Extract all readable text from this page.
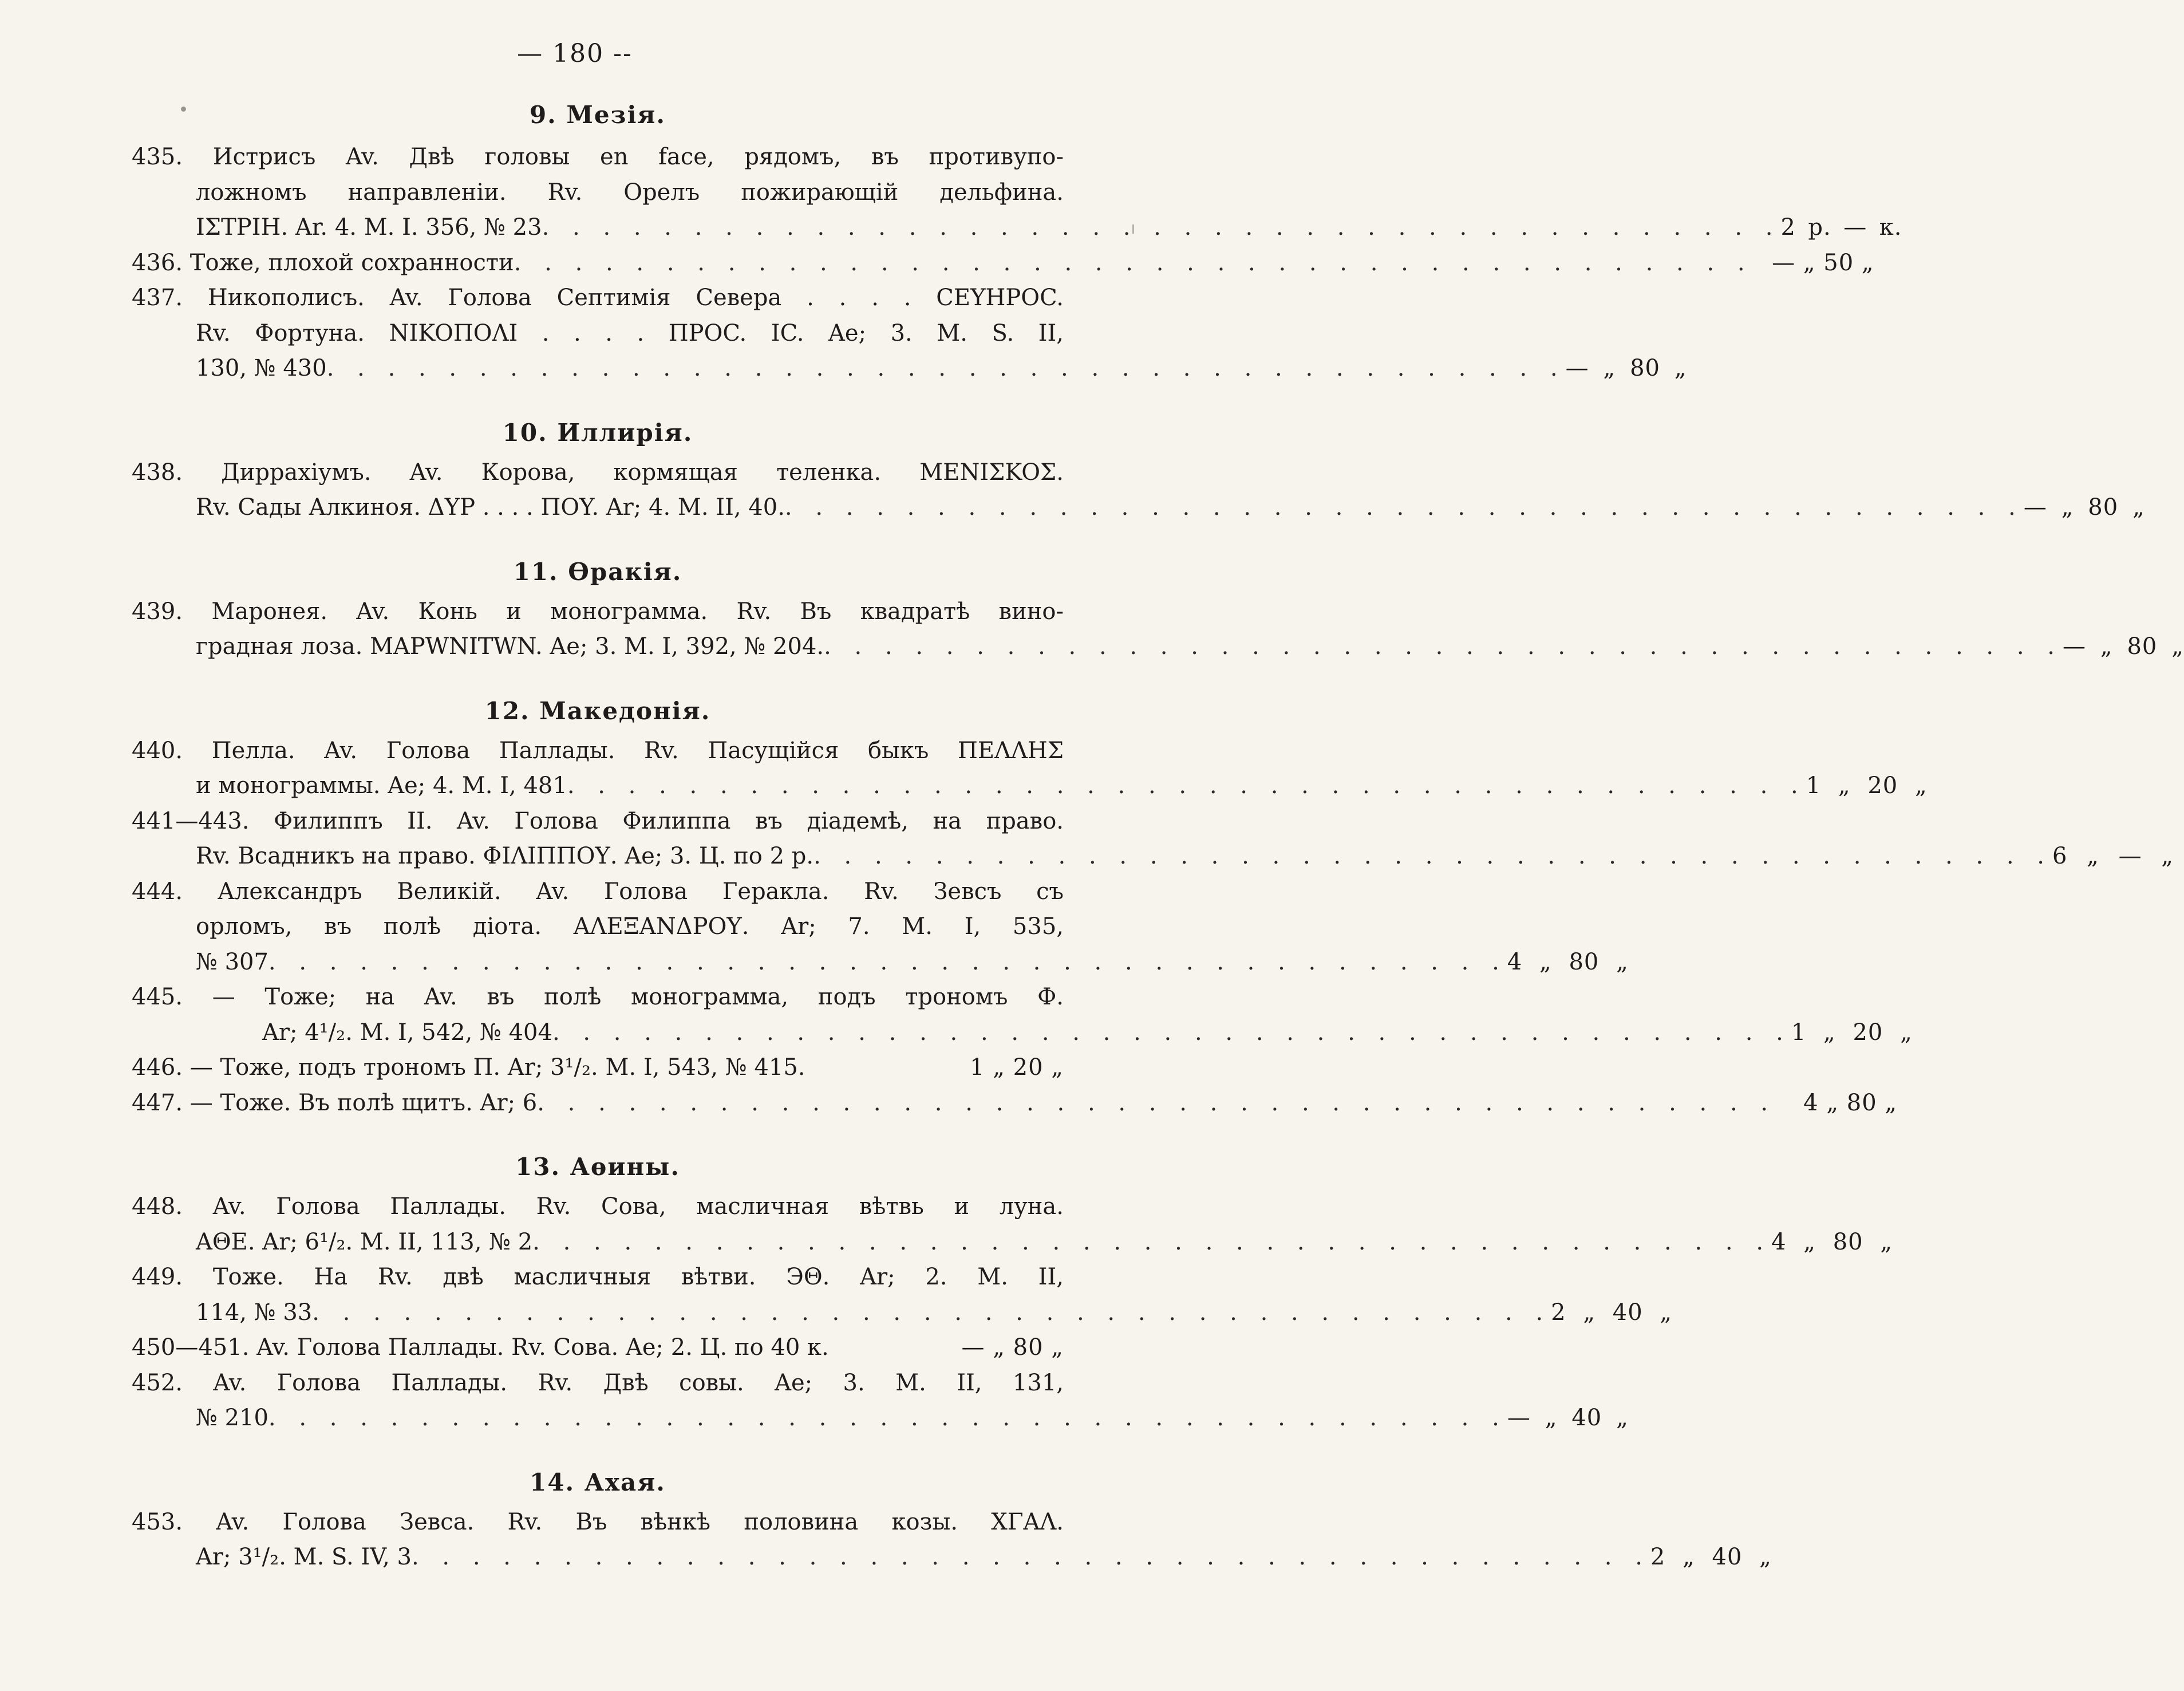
— 180 --
9. Мезія.
435. Истрисъ Av. Двѣ головы en face, рядомъ, въ противупо-
ложномъ направленіи. Rv. Орелъ пожирающій дельфина.
ΙΣΤΡΙΗ. Ar. 4. M. I. 356, № 23 . . . . . . . . . . . . . . . . . . . . . . . . . . . . . . . . . . . . . . . . . 2 р. — к.
436. Тоже, плохой сохранности . . . . . . . . . . . . . . . . . . . . . . . . . . . . . . . . . . . . . . . . . — „ 50 „
437. Никополисъ. Av. Голова Септимія Севера . . . . CEYHPOC.
Rv. Фортуна. NIKOΠOΛI . . . . ΠΡΟC. IC. Ae; 3. M. S. II,
130, № 430 . . . . . . . . . . . . . . . . . . . . . . . . . . . . . . . . . . . . . . . . . — „ 80 „
10. Иллирія.
438. Диррахіумъ. Av. Корова, кормящая теленка. MENIΣKOΣ.
Rv. Сады Алкиноя. ΔYP . . . . ΠOY. Ar; 4. M. II, 40. . . . . . . . . . . . . . . . . . . . . . . . . . . . . . . . . . . . . . . . . . — „ 80 „
11. Ѳракія.
439. Маронея. Av. Конь и монограмма. Rv. Въ квадратѣ вино-
градная лоза. MAPWNITWN. Ae; 3. M. I, 392, № 204. . . . . . . . . . . . . . . . . . . . . . . . . . . . . . . . . . . . . . . . . . — „ 80 „
12. Македонія.
440. Пелла. Av. Голова Паллады. Rv. Пасущійся быкъ ΠΕΛΛΗΣ
и монограммы. Ae; 4. M. I, 481 . . . . . . . . . . . . . . . . . . . . . . . . . . . . . . . . . . . . . . . . . 1 „ 20 „
441—443. Филиппъ II. Av. Голова Филиппа въ діадемѣ, на право.
Rv. Всадникъ на право. ΦΙΛΙΠΠΟΥ. Ae; 3. Ц. по 2 р. . . . . . . . . . . . . . . . . . . . . . . . . . . . . . . . . . . . . . . . . . 6 „ — „
444. Александръ Великій. Av. Голова Геракла. Rv. Зевсъ съ
орломъ, въ полѣ діота. ΑΛΕΞΑΝΔΡΟΥ. Ar; 7. M. I, 535,
№ 307 . . . . . . . . . . . . . . . . . . . . . . . . . . . . . . . . . . . . . . . . . 4 „ 80 „
445. — Тоже; на Av. въ полѣ монограмма, подъ трономъ Ф.
Ar; 4¹/₂. M. I, 542, № 404 . . . . . . . . . . . . . . . . . . . . . . . . . . . . . . . . . . . . . . . . . 1 „ 20 „
446. — Тоже, подъ трономъ П. Ar; 3¹/₂. M. I, 543, № 415.	1 „ 20 „
447. — Тоже. Въ полѣ щитъ. Ar; 6 . . . . . . . . . . . . . . . . . . . . . . . . . . . . . . . . . . . . . . . . .	4 „ 80 „
13. Аѳины.
448. Av. Голова Паллады. Rv. Сова, масличная вѣтвь и луна.
ΑΘΕ. Ar; 6¹/₂. M. II, 113, № 2 . . . . . . . . . . . . . . . . . . . . . . . . . . . . . . . . . . . . . . . . . 4 „ 80 „
449. Тоже. На Rv. двѣ масличныя вѣтви. ЭΘ. Ar; 2. M. II,
114, № 33 . . . . . . . . . . . . . . . . . . . . . . . . . . . . . . . . . . . . . . . . . 2 „ 40 „
450—451. Av. Голова Паллады. Rv. Сова. Ae; 2. Ц. по 40 к.	— „ 80 „
452. Av. Голова Паллады. Rv. Двѣ совы. Ae; 3. M. II, 131,
№ 210 . . . . . . . . . . . . . . . . . . . . . . . . . . . . . . . . . . . . . . . . . — „ 40 „
14. Ахая.
453. Av. Голова Зевса. Rv. Въ вѣнкѣ половина козы. XΓAΛ.
Ar; 3¹/₂. M. S. IV, 3 . . . . . . . . . . . . . . . . . . . . . . . . . . . . . . . . . . . . . . . . . 2 „ 40 „
